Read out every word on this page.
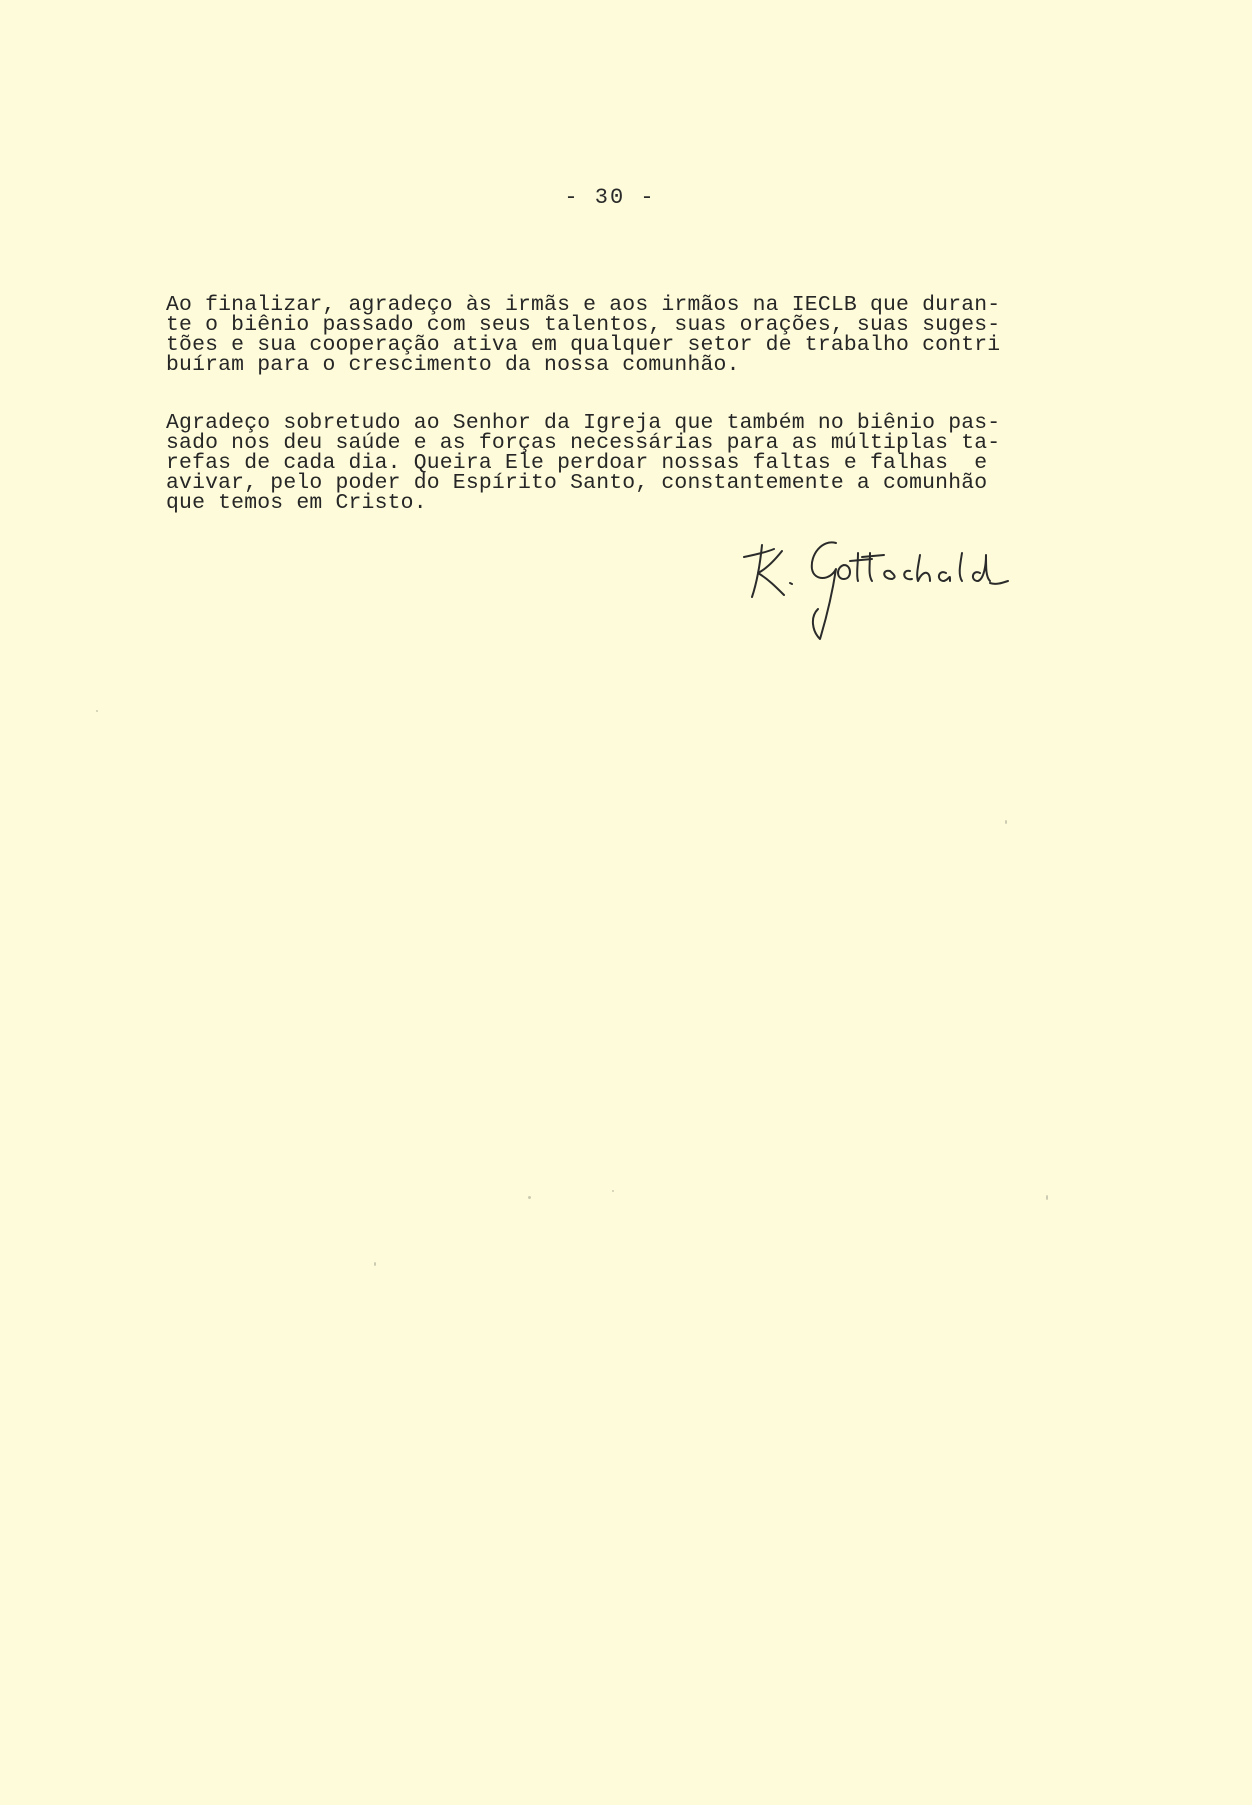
- 30 -
Ao finalizar, agradeço às irmãs e aos irmãos na IECLB que duran-
te o biênio passado com seus talentos, suas orações, suas suges-
tões e sua cooperação ativa em qualquer setor de trabalho contri
buíram para o crescimento da nossa comunhão.
Agradeço sobretudo ao Senhor da Igreja que também no biênio pas-
sado nos deu saúde e as forças necessárias para as múltiplas ta-
refas de cada dia. Queira Ele perdoar nossas faltas e falhas  e
avivar, pelo poder do Espírito Santo, constantemente a comunhão
que temos em Cristo.
